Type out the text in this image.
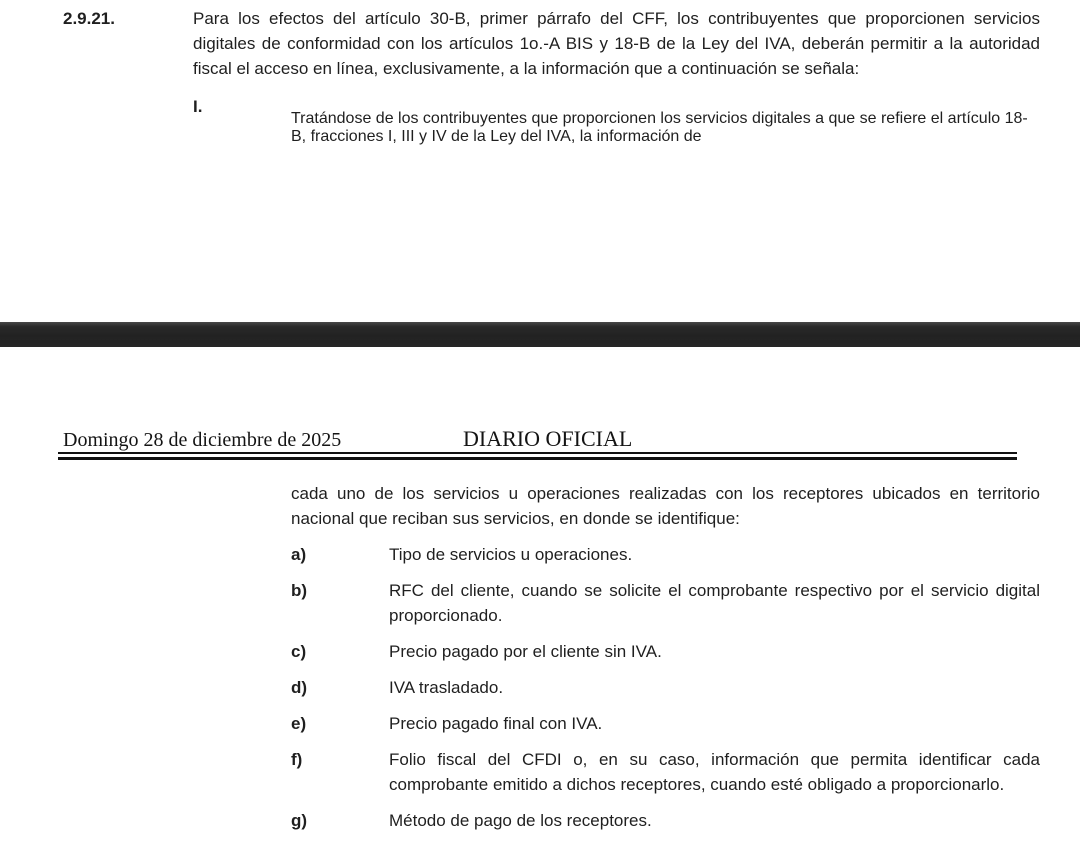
2.9.21.	Para los efectos del artículo 30-B, primer párrafo del CFF, los contribuyentes que proporcionen servicios digitales de conformidad con los artículos 1o.-A BIS y 18-B de la Ley del IVA, deberán permitir a la autoridad fiscal el acceso en línea, exclusivamente, a la información que a continuación se señala:

I.

Tratándose de los contribuyentes que proporcionen los servicios digitales a que se refiere el artículo 18-B, fracciones I, III y IV de la Ley del IVA, la información de

Domingo 28 de diciembre de 2025	DIARIO OFICIAL

cada uno de los servicios u operaciones realizadas con los receptores ubicados en territorio nacional que reciban sus servicios, en donde se identifique:

a)	Tipo de servicios u operaciones.

b)	RFC del cliente, cuando se solicite el comprobante respectivo por el servicio digital proporcionado.

c)	Precio pagado por el cliente sin IVA.

d)	IVA trasladado.

e)	Precio pagado final con IVA.

f)	Folio fiscal del CFDI o, en su caso, información que permita identificar cada comprobante emitido a dichos receptores, cuando esté obligado a proporcionarlo.

g)	Método de pago de los receptores.
